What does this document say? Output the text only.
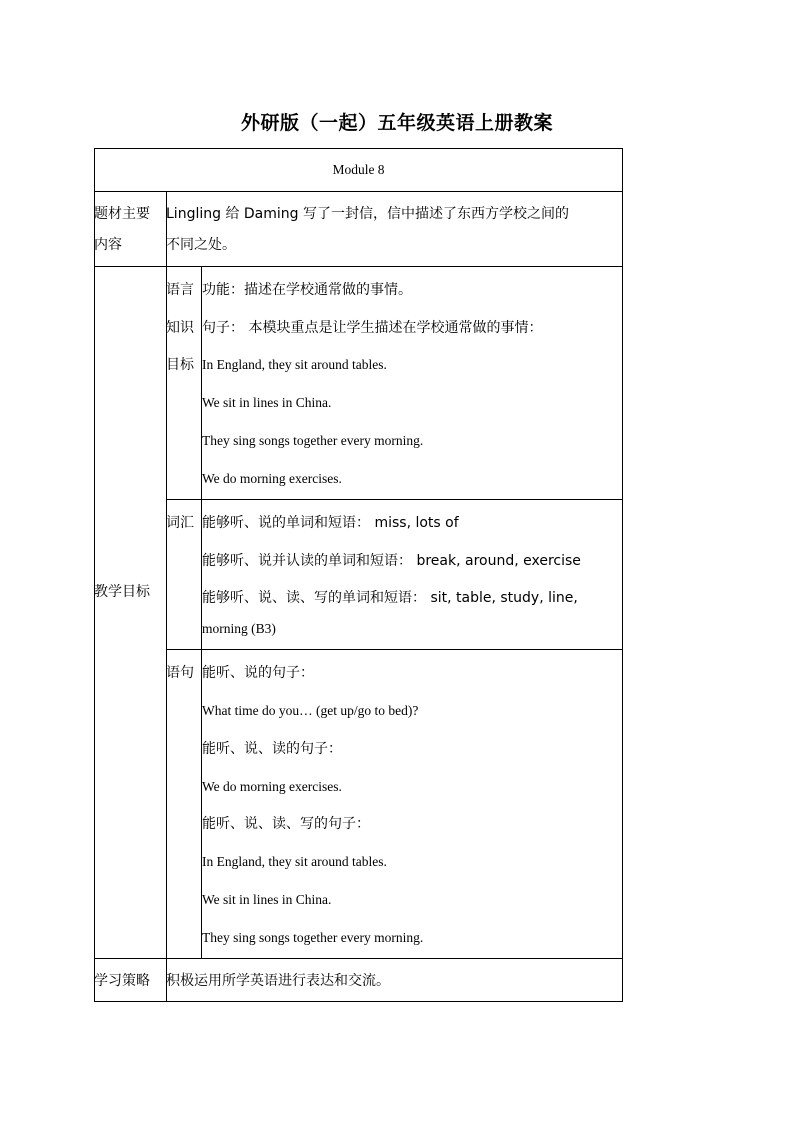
外研版（一起）五年级英语上册教案
Module 8
题材主要
内容
Lingling 给 Daming 写了一封信，信中描述了东西方学校之间的
不同之处。
教学目标
语言
知识
目标
功能：描述在学校通常做的事情。
句子： 本模块重点是让学生描述在学校通常做的事情：
In England, they sit around tables.
We sit in lines in China.
They sing songs together every morning.
We do morning exercises.
词汇 能够听、说的单词和短语： miss, lots of
能够听、说并认读的单词和短语： break, around, exercise
能够听、说、读、写的单词和短语： sit, table, study, line,
morning (B3)
语句 能听、说的句子：
What time do you… (get up/go to bed)?
能听、说、读的句子：
We do morning exercises.
能听、说、读、写的句子：
In England, they sit around tables.
We sit in lines in China.
They sing songs together every morning.
学习策略 积极运用所学英语进行表达和交流。
